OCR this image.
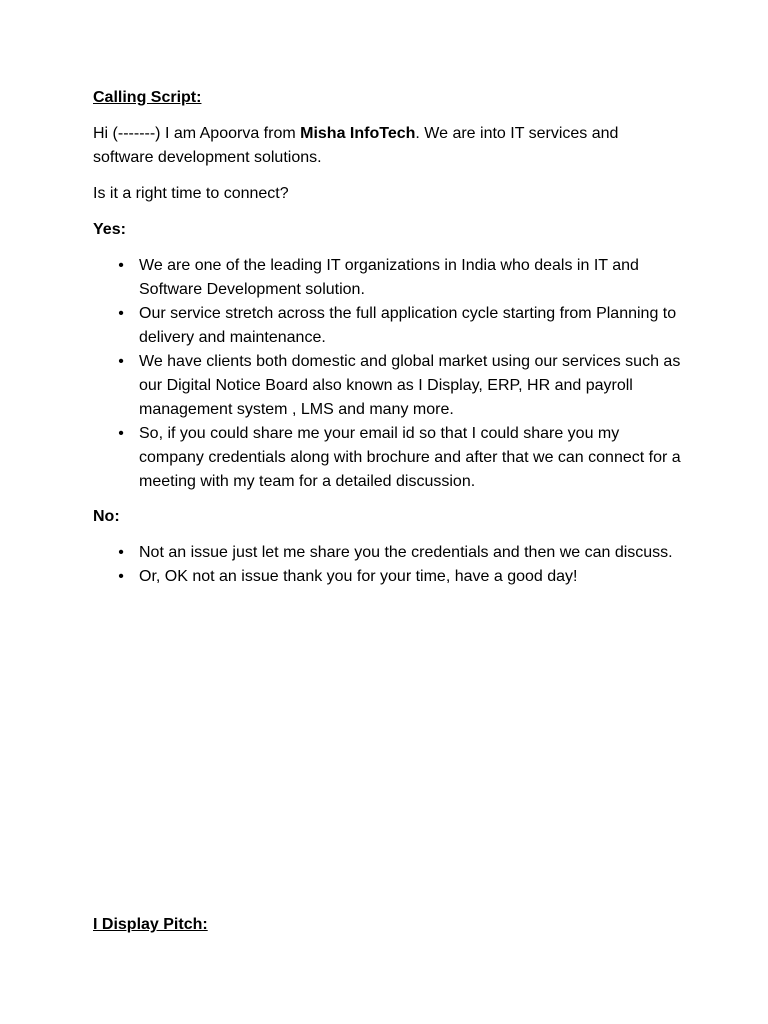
Calling Script:

Hi (-------) I am Apoorva from Misha InfoTech. We are into IT services and software development solutions.

Is it a right time to connect?

Yes:

• We are one of the leading IT organizations in India who deals in IT and Software Development solution.
• Our service stretch across the full application cycle starting from Planning to delivery and maintenance.
• We have clients both domestic and global market using our services such as our Digital Notice Board also known as I Display, ERP, HR and payroll management system , LMS and many more.
• So, if you could share me your email id so that I could share you my company credentials along with brochure and after that we can connect for a meeting with my team for a detailed discussion.

No:

• Not an issue just let me share you the credentials and then we can discuss.
• Or, OK not an issue thank you for your time, have a good day!

I Display Pitch:
